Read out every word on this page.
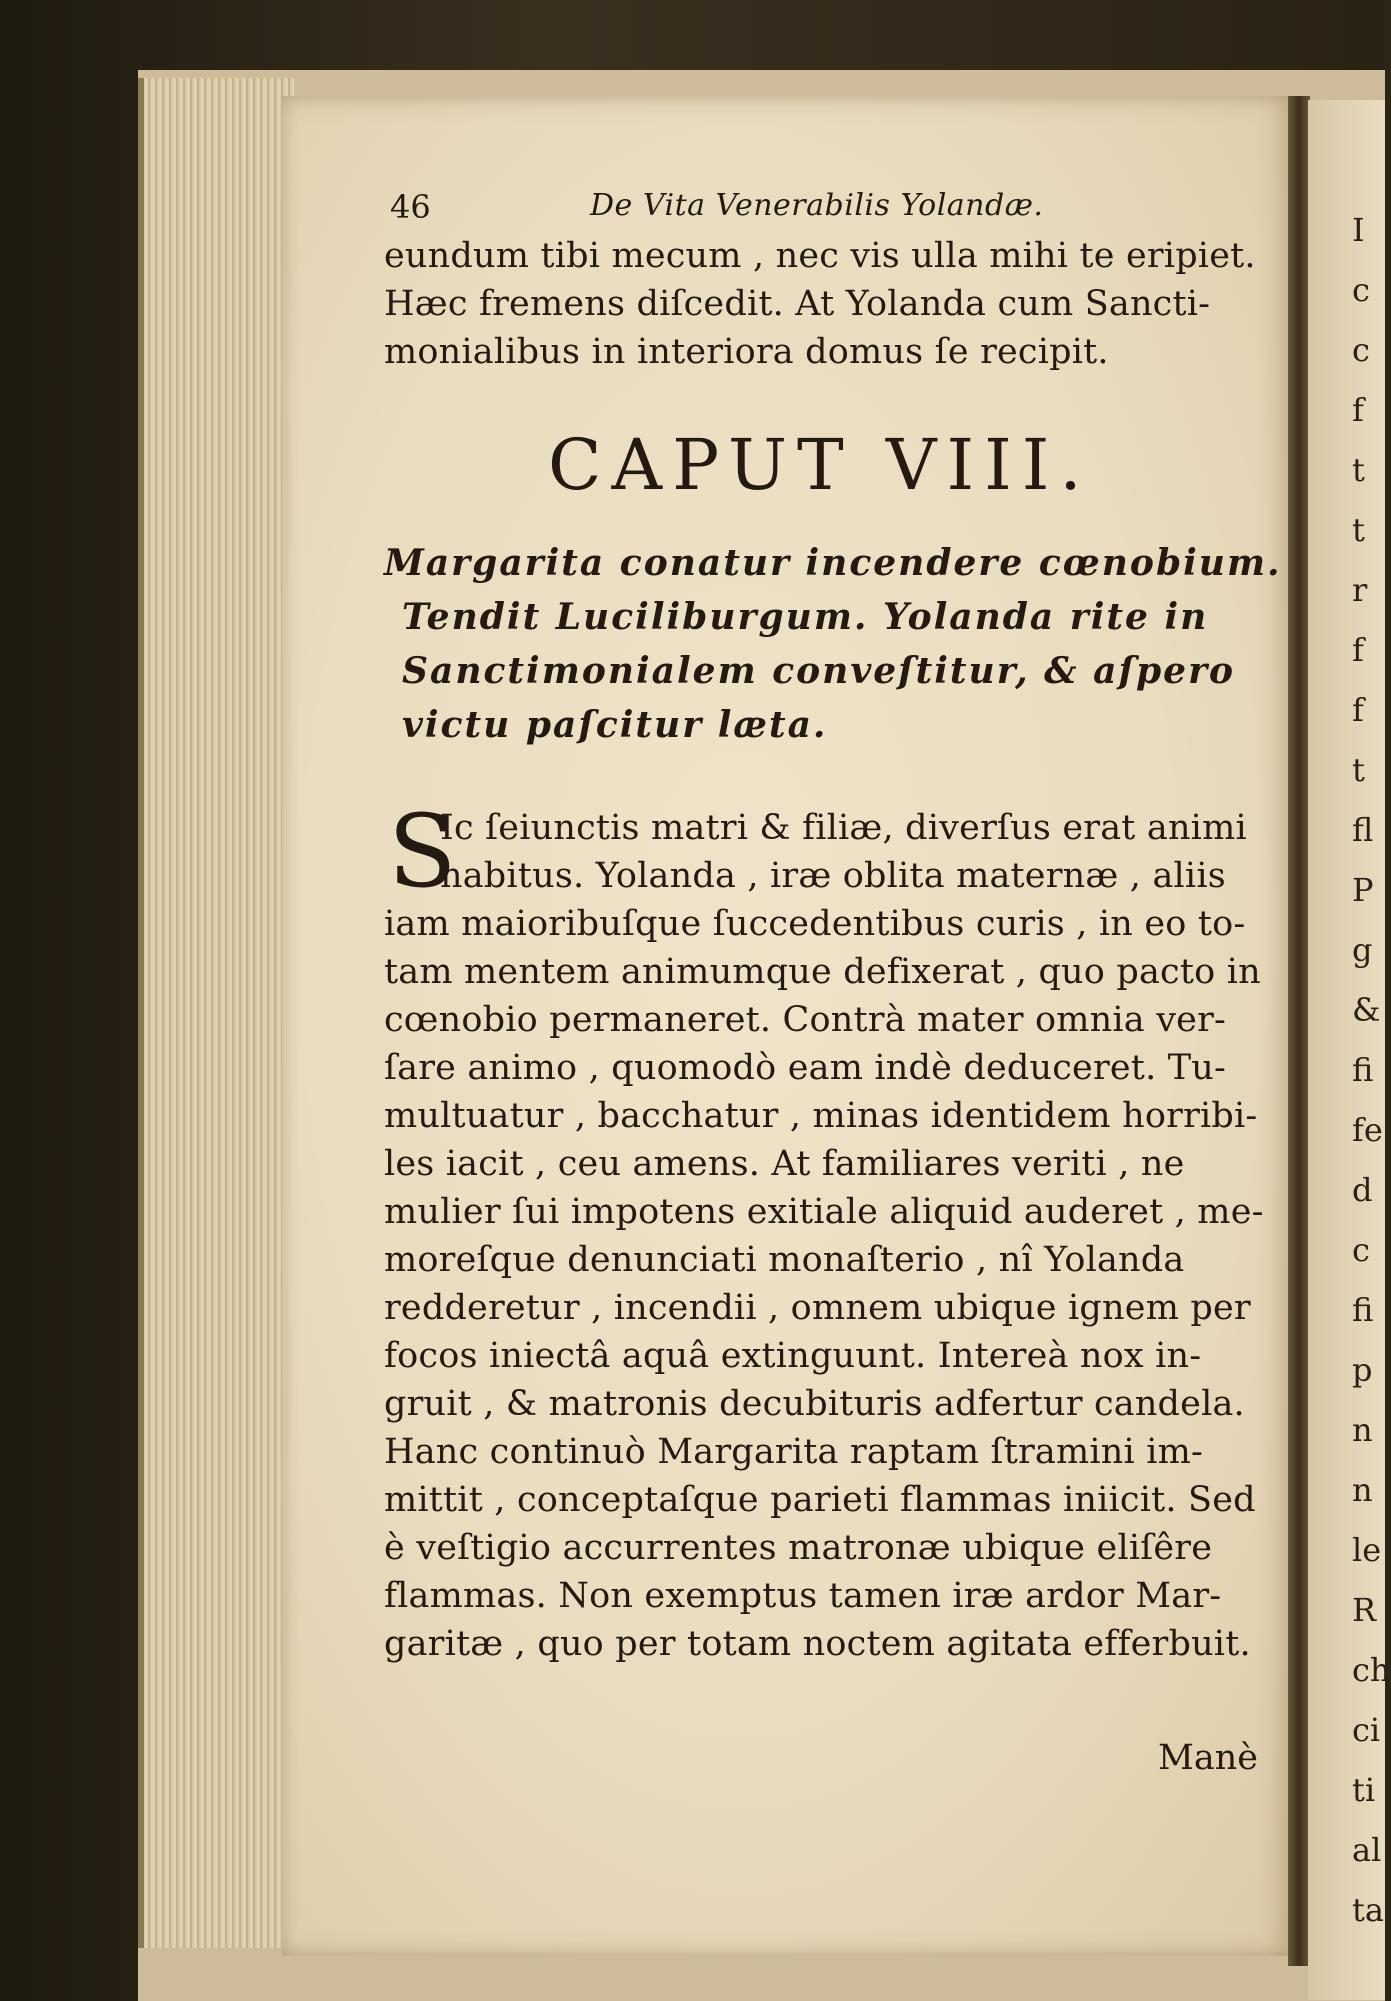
I
c
c
f
t
t
r
f
f
t
fl
P
g
&
fi
fe
d
c
fi
p
n
n
le
R
ch
ci
ti
al
ta
46	De Vita Venerabilis Yolandæ.
eundum tibi mecum , nec vis ulla mihi te eripiet.
Hæc fremens diſcedit. At Yolanda cum Sancti-
monialibus in interiora domus ſe recipit.
CAPUT VIII.
Margarita conatur incendere cœnobium.
Tendit Luciliburgum. Yolanda rite in
Sanctimonialem conveſtitur, & aſpero
victu paſcitur læta.
S
Ic ſeiunctis matri & filiæ, diverſus erat animi
habitus. Yolanda , iræ oblita maternæ , aliis
iam maioribuſque ſuccedentibus curis , in eo to-
tam mentem animumque defixerat , quo pacto in
cœnobio permaneret. Contrà mater omnia ver-
ſare animo , quomodò eam indè deduceret. Tu-
multuatur , bacchatur , minas identidem horribi-
les iacit , ceu amens. At familiares veriti , ne
mulier ſui impotens exitiale aliquid auderet , me-
moreſque denunciati monaſterio , nî Yolanda
redderetur , incendii , omnem ubique ignem per
focos iniectâ aquâ extinguunt. Intereà nox in-
gruit , & matronis decubituris adfertur candela.
Hanc continuò Margarita raptam ſtramini im-
mittit , conceptaſque parieti flammas iniicit. Sed
è veſtigio accurrentes matronæ ubique eliſêre
flammas. Non exemptus tamen iræ ardor Mar-
garitæ , quo per totam noctem agitata efferbuit.
Manè
